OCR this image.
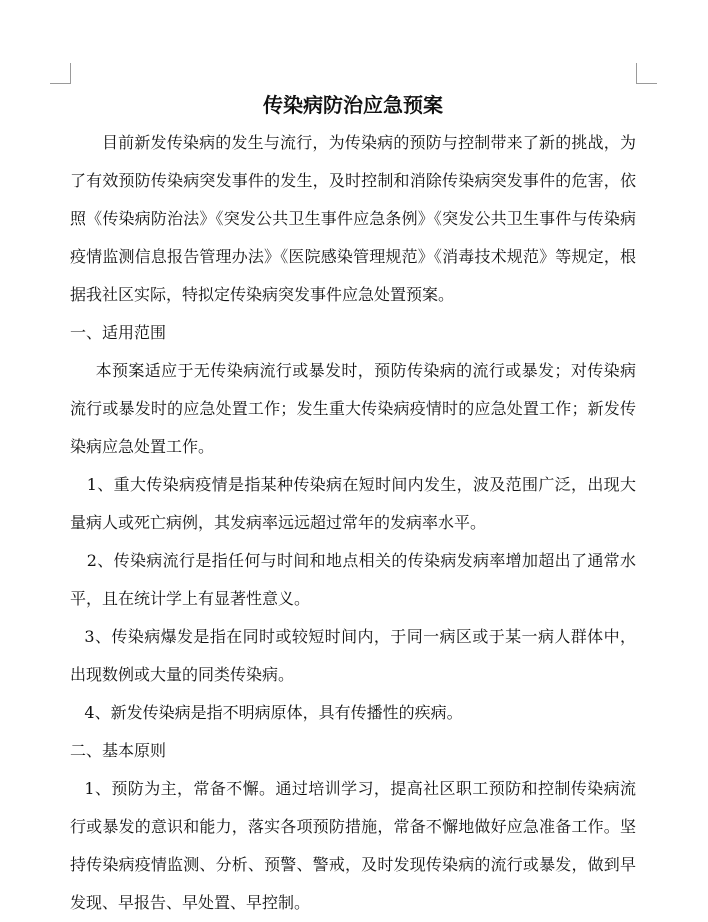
传染病防治应急预案

目前新发传染病的发生与流行，为传染病的预防与控制带来了新的挑战，为了有效预防传染病突发事件的发生，及时控制和消除传染病突发事件的危害，依照《传染病防治法》《突发公共卫生事件应急条例》《突发公共卫生事件与传染病疫情监测信息报告管理办法》《医院感染管理规范》《消毒技术规范》等规定，根据我社区实际，特拟定传染病突发事件应急处置预案。

一、适用范围

本预案适应于无传染病流行或暴发时，预防传染病的流行或暴发；对传染病流行或暴发时的应急处置工作；发生重大传染病疫情时的应急处置工作；新发传染病应急处置工作。

1、重大传染病疫情是指某种传染病在短时间内发生，波及范围广泛，出现大量病人或死亡病例，其发病率远远超过常年的发病率水平。

2、传染病流行是指任何与时间和地点相关的传染病发病率增加超出了通常水平，且在统计学上有显著性意义。

3、传染病爆发是指在同时或较短时间内，于同一病区或于某一病人群体中，出现数例或大量的同类传染病。

4、新发传染病是指不明病原体，具有传播性的疾病。

二、基本原则

1、预防为主，常备不懈。通过培训学习，提高社区职工预防和控制传染病流行或暴发的意识和能力，落实各项预防措施，常备不懈地做好应急准备工作。坚持传染病疫情监测、分析、预警、警戒，及时发现传染病的流行或暴发，做到早发现、早报告、早处置、早控制。
